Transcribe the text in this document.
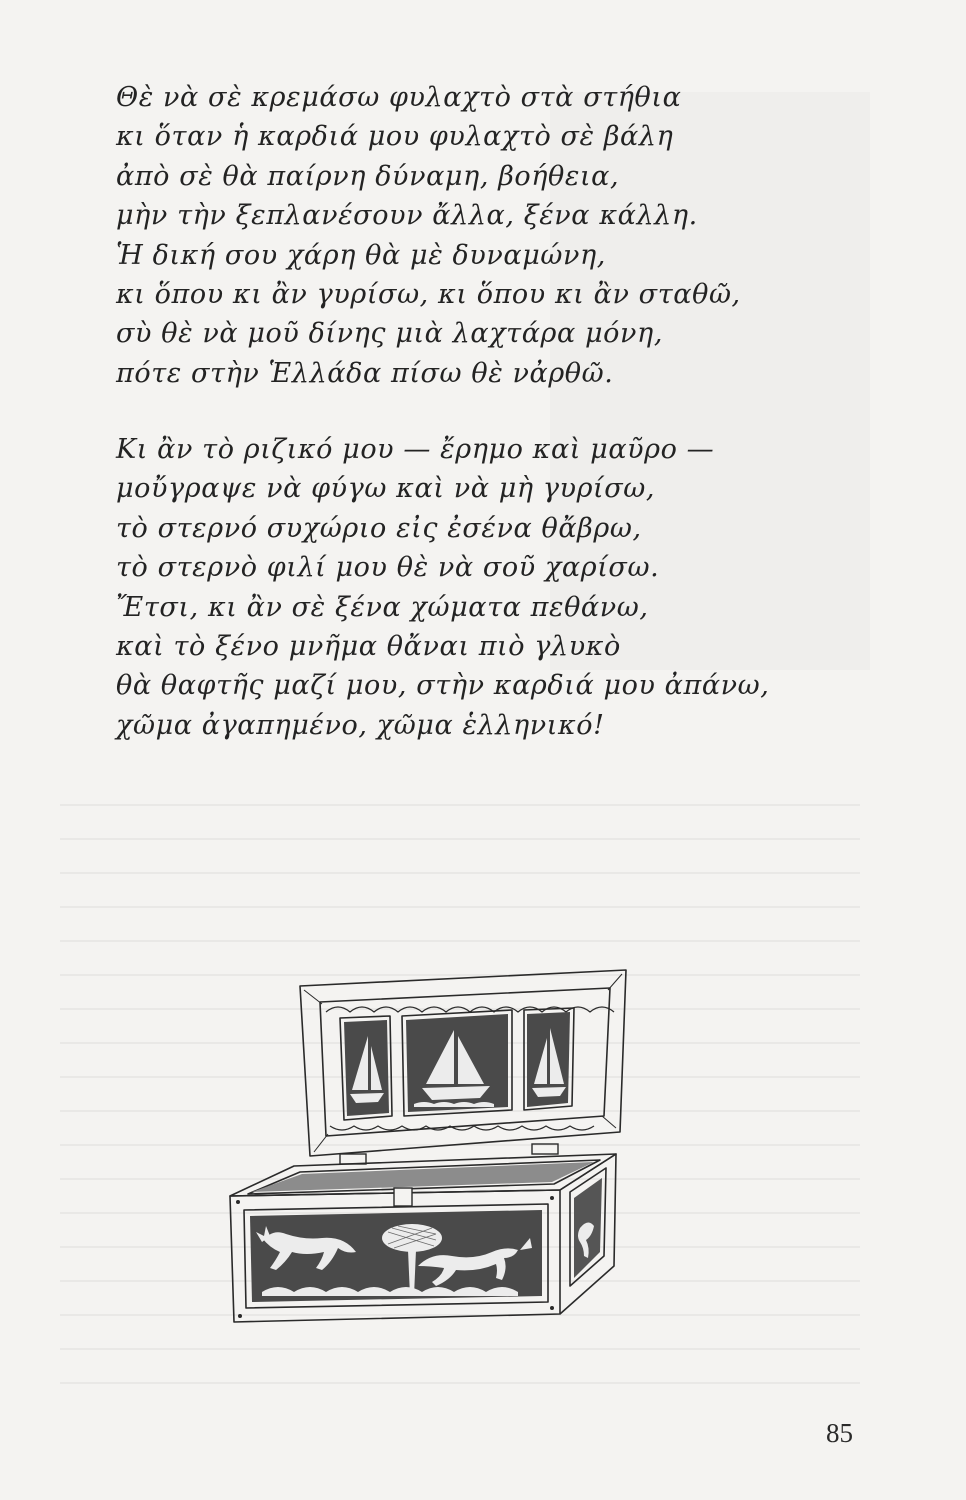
Θὲ νὰ σὲ κρεμάσω φυλαχτὸ στὰ στήθια
κι ὅταν ἡ καρδιά μου φυλαχτὸ σὲ βάλη
ἀπὸ σὲ θὰ παίρνη δύναμη, βοήθεια,
μὴν τὴν ξεπλανέσουν ἄλλα, ξένα κάλλη.
Ἡ δική σου χάρη θὰ μὲ δυναμώνη,
κι ὅπου κι ἂν γυρίσω, κι ὅπου κι ἂν σταθῶ,
σὺ θὲ νὰ μοῦ δίνης μιὰ λαχτάρα μόνη,
πότε στὴν Ἑλλάδα πίσω θὲ νἀρθῶ.
Κι ἂν τὸ ριζικό μου — ἔρημο καὶ μαῦρο —
μοὔγραψε νὰ φύγω καὶ νὰ μὴ γυρίσω,
τὸ στερνό συχώριο εἰς ἐσένα θἄβρω,
τὸ στερνὸ φιλί μου θὲ νὰ σοῦ χαρίσω.
Ἔτσι, κι ἂν σὲ ξένα χώματα πεθάνω,
καὶ τὸ ξένο μνῆμα θἄναι πιὸ γλυκὸ
θὰ θαφτῆς μαζί μου, στὴν καρδιά μου ἀπάνω,
χῶμα ἀγαπημένο, χῶμα ἑλληνικό!
85
